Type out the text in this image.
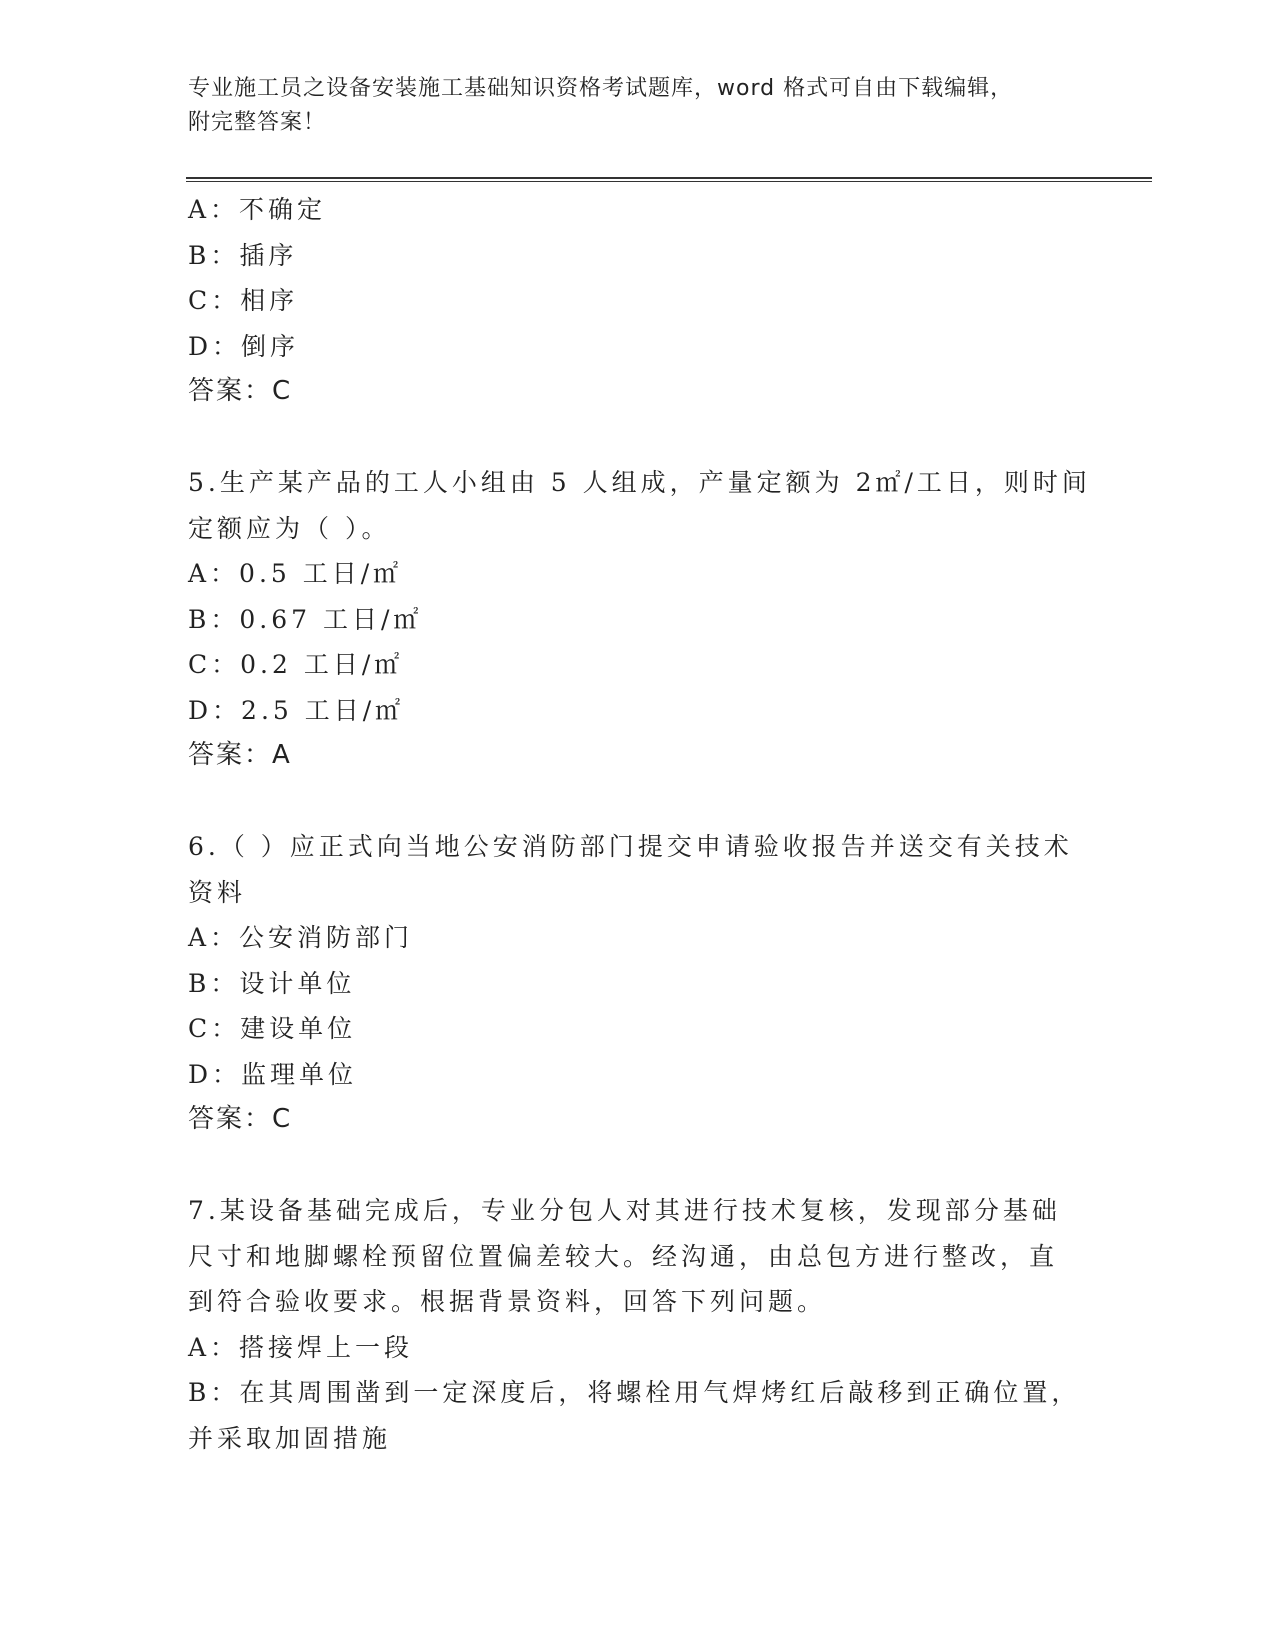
专业施工员之设备安装施工基础知识资格考试题库，word 格式可自由下载编辑，
附完整答案！
A：不确定
B：插序
C：相序
D：倒序
答案：C
5.生产某产品的工人小组由 5 人组成，产量定额为 2㎡/工日，则时间
定额应为（ ）。
A：0.5 工日/㎡
B：0.67 工日/㎡
C：0.2 工日/㎡
D：2.5 工日/㎡
答案：A
6.（ ）应正式向当地公安消防部门提交申请验收报告并送交有关技术
资料
A：公安消防部门
B：设计单位
C：建设单位
D：监理单位
答案：C
7.某设备基础完成后，专业分包人对其进行技术复核，发现部分基础
尺寸和地脚螺栓预留位置偏差较大。经沟通，由总包方进行整改，直
到符合验收要求。根据背景资料，回答下列问题。
A：搭接焊上一段
B：在其周围凿到一定深度后，将螺栓用气焊烤红后敲移到正确位置，
并采取加固措施
